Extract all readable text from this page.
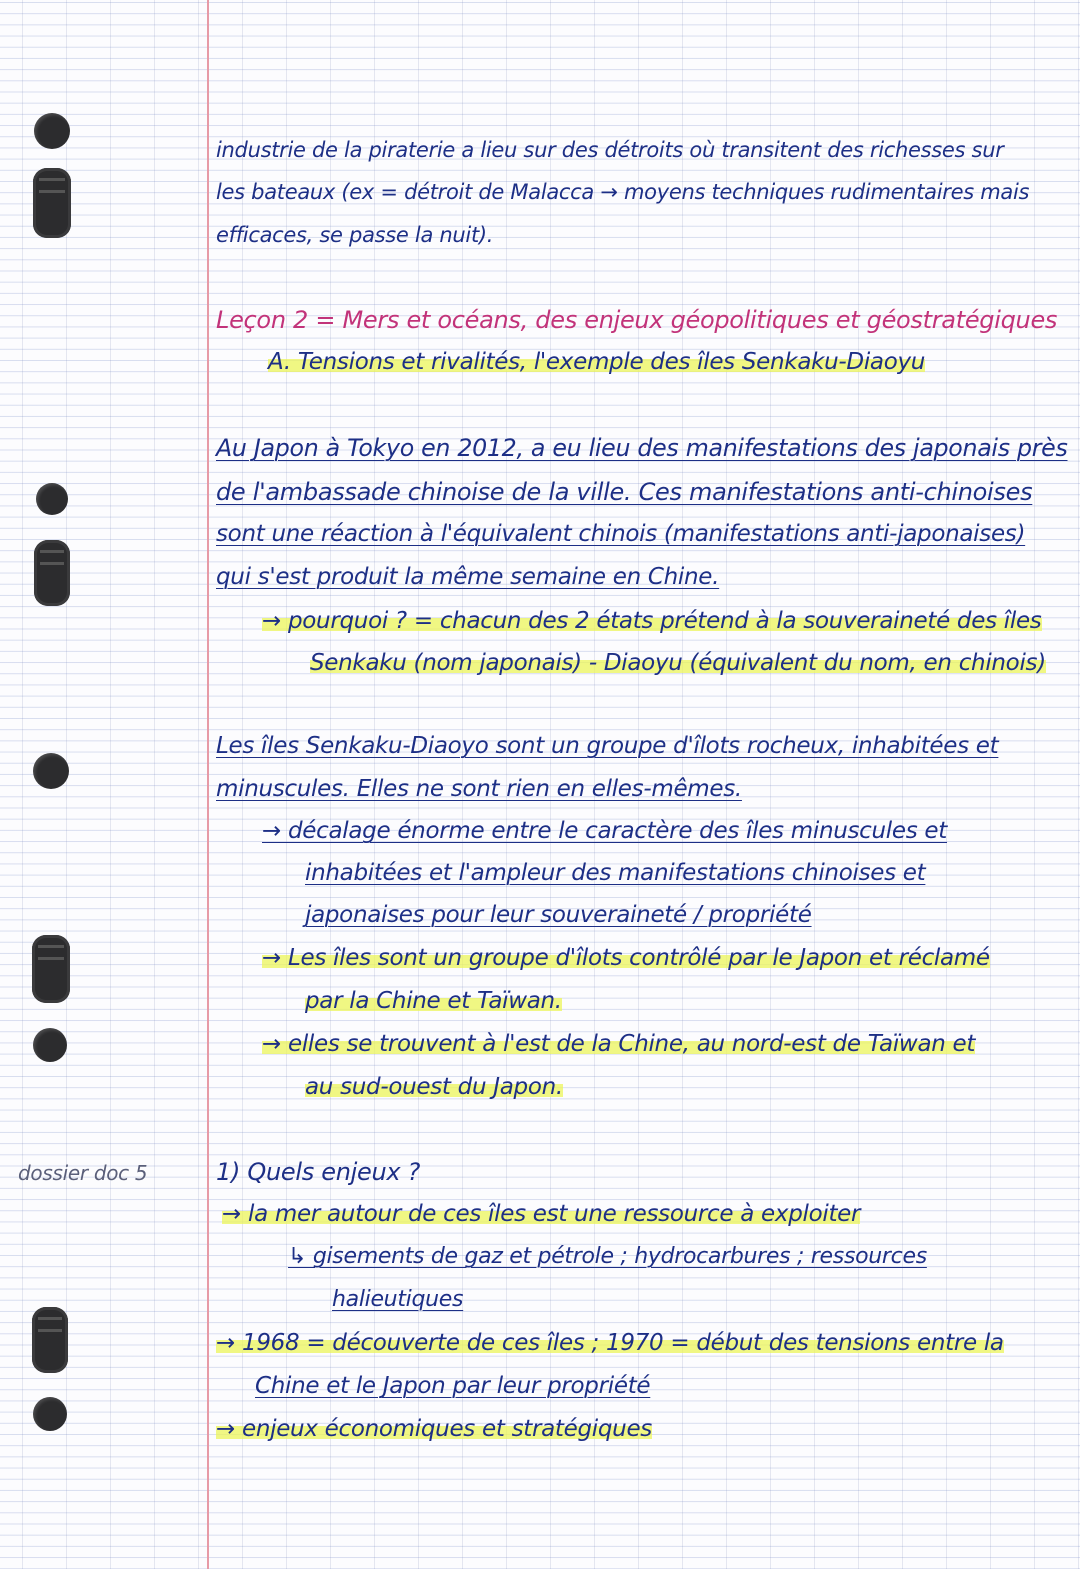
dossier doc 5
industrie de la piraterie a lieu sur des détroits où transitent des richesses sur
les bateaux (ex = détroit de Malacca → moyens techniques rudimentaires mais
efficaces, se passe la nuit).
Leçon 2 = Mers et océans, des enjeux géopolitiques et géostratégiques
A. Tensions et rivalités, l'exemple des îles Senkaku-Diaoyu
Au Japon à Tokyo en 2012, a eu lieu des manifestations des japonais près
de l'ambassade chinoise de la ville. Ces manifestations anti-chinoises
sont une réaction à l'équivalent chinois (manifestations anti-japonaises)
qui s'est produit la même semaine en Chine.
→ pourquoi ? = chacun des 2 états prétend à la souveraineté des îles
Senkaku (nom japonais) - Diaoyu (équivalent du nom, en chinois)
Les îles Senkaku-Diaoyo sont un groupe d'îlots rocheux, inhabitées et
minuscules. Elles ne sont rien en elles-mêmes.
→ décalage énorme entre le caractère des îles minuscules et
inhabitées et l'ampleur des manifestations chinoises et
japonaises pour leur souveraineté / propriété
→ Les îles sont un groupe d'îlots contrôlé par le Japon et réclamé
par la Chine et Taïwan.
→ elles se trouvent à l'est de la Chine, au nord-est de Taïwan et
au sud-ouest du Japon.
1) Quels enjeux ?
→ la mer autour de ces îles est une ressource à exploiter
↳ gisements de gaz et pétrole ; hydrocarbures ; ressources
halieutiques
→ 1968 = découverte de ces îles ; 1970 = début des tensions entre la
Chine et le Japon par leur propriété
→ enjeux économiques et stratégiques
